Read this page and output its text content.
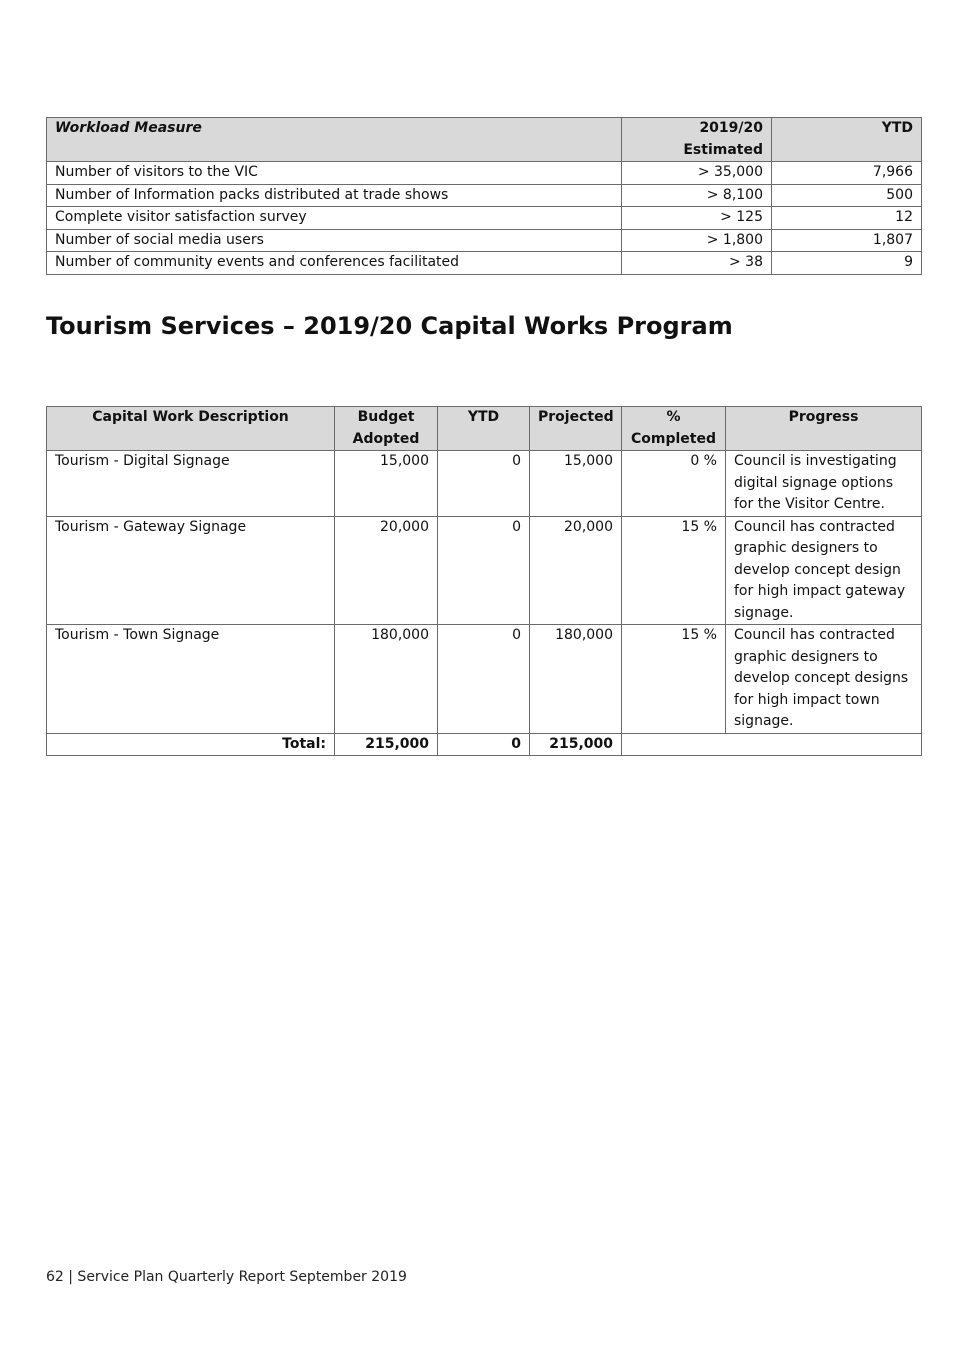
Workload Measure	2019/20 Estimated	YTD
Number of visitors to the VIC	> 35,000	7,966
Number of Information packs distributed at trade shows	> 8,100	500
Complete visitor satisfaction survey	> 125	12
Number of social media users	> 1,800	1,807
Number of community events and conferences facilitated	> 38	9
Tourism Services – 2019/20 Capital Works Program
Capital Work Description	Budget Adopted	YTD	Projected	% Completed	Progress
Tourism - Digital Signage	15,000	0	15,000	0 %	Council is investigating digital signage options for the Visitor Centre.
Tourism - Gateway Signage	20,000	0	20,000	15 %	Council has contracted graphic designers to develop concept design for high impact gateway signage.
Tourism - Town Signage	180,000	0	180,000	15 %	Council has contracted graphic designers to develop concept designs for high impact town signage.
Total:	215,000	0	215,000		
62 | Service Plan Quarterly Report September 2019
